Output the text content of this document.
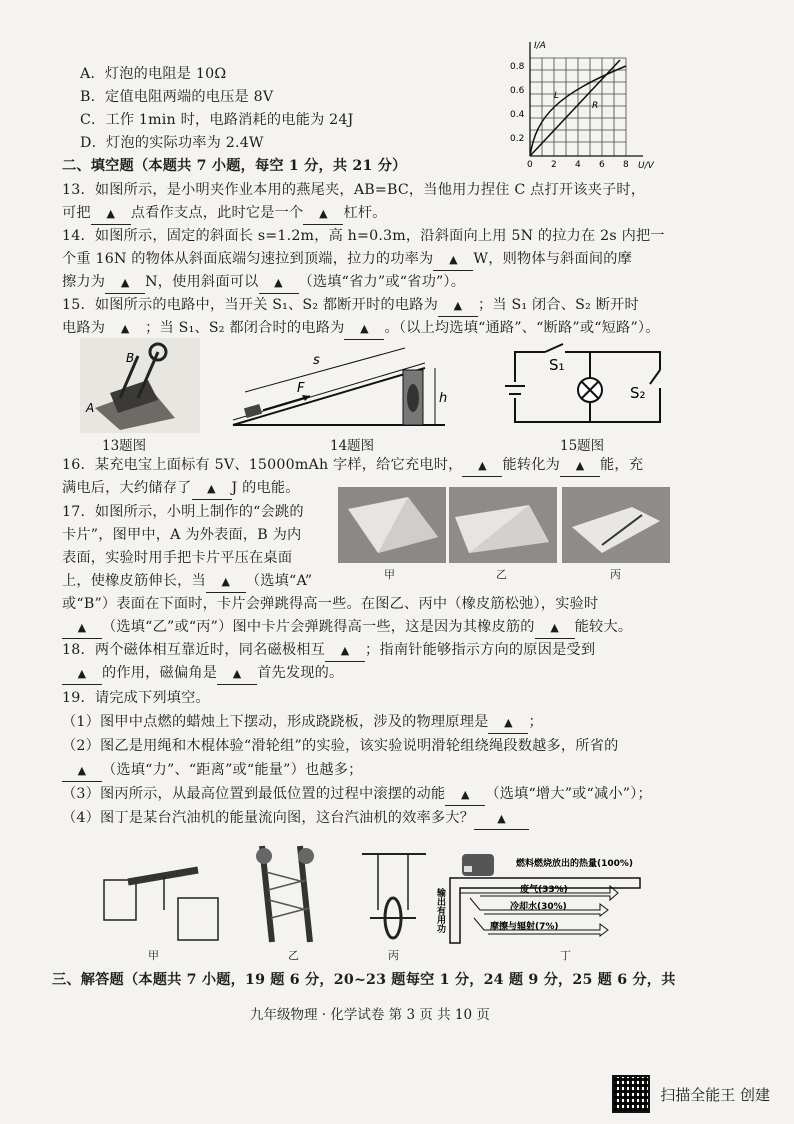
A．灯泡的电阻是 10Ω
B．定值电阻两端的电压是 8V
C．工作 1min 时，电路消耗的电能为 24J
D．灯泡的实际功率为 2.4W
I/A
U/V
0.8
0.6
0.4
0.2
0 2 4 6 8
L
R
二、填空题（本题共 7 小题，每空 1 分，共 21 分）
13．如图所示，是小明夹作业本用的燕尾夹，AB=BC，当他用力捏住 C 点打开该夹子时，
可把 ▲ 点看作支点，此时它是一个 ▲ 杠杆。
14．如图所示，固定的斜面长 s=1.2m，高 h=0.3m，沿斜面向上用 5N 的拉力在 2s 内把一
个重 16N 的物体从斜面底端匀速拉到顶端，拉力的功率为 ▲ W，则物体与斜面间的摩
擦力为 ▲ N，使用斜面可以 ▲ （选填“省力”或“省功”）。
15．如图所示的电路中，当开关 S₁、S₂ 都断开时的电路为 ▲ ；当 S₁ 闭合、S₂ 断开时
电路为 ▲ ；当 S₁、S₂ 都闭合时的电路为 ▲ 。（以上均选填“通路”、“断路”或“短路”）。
B
A
13题图
s
F
h
14题图
S₁
S₂
15题图
16．某充电宝上面标有 5V、15000mAh 字样，给它充电时， ▲ 能转化为 ▲ 能，充
满电后，大约储存了 ▲ J 的电能。
17．如图所示，小明上制作的“会跳的
卡片”，图甲中，A 为外表面，B 为内
表面，实验时用手把卡片平压在桌面
上，使橡皮筋伸长，当 ▲ （选填“A”	甲	乙	丙
或“B”）表面在下面时，卡片会弹跳得高一些。在图乙、丙中（橡皮筋松弛），实验时
▲ （选填“乙”或“丙”）图中卡片会弹跳得高一些，这是因为其橡皮筋的 ▲ 能较大。
18．两个磁体相互靠近时，同名磁极相互 ▲ ；指南针能够指示方向的原因是受到
▲ 的作用，磁偏角是 ▲ 首先发现的。
19．请完成下列填空。
（1）图甲中点燃的蜡烛上下摆动，形成跷跷板，涉及的物理原理是 ▲ ；
（2）图乙是用绳和木棍体验“滑轮组”的实验，该实验说明滑轮组绕绳段数越多，所省的
▲ （选填“力”、“距离”或“能量”）也越多；
（3）图丙所示，从最高位置到最低位置的过程中滚摆的动能 ▲ （选填“增大”或“减小”）；
（4）图丁是某台汽油机的能量流向图，这台汽油机的效率多大？ ▲
燃料燃烧放出的热量(100%)
废气(33%)
冷却水(30%)
摩擦与辐射(7%)
输出有用功
甲	乙	丙	丁
三、解答题（本题共 7 小题，19 题 6 分，20~23 题每空 1 分，24 题 9 分，25 题 6 分，共
九年级物理 · 化学试卷 第 3 页 共 10 页
扫描全能王 创建
